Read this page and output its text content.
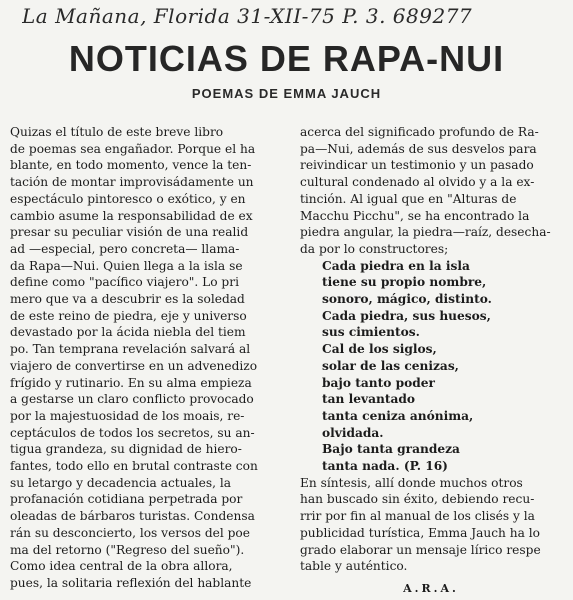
La Mañana, Florida 31-XII-75 P. 3. 689277
NOTICIAS DE RAPA-NUI
POEMAS DE EMMA JAUCH
Quizas el título de este breve libro
de poemas sea engañador. Porque el ha
blante, en todo momento, vence la ten-
tación de montar improvisádamente un
espectáculo pintoresco o exótico, y en
cambio asume la responsabilidad de ex
presar su peculiar visión de una realid
ad —especial, pero concreta— llama-
da Rapa—Nui. Quien llega a la isla se
define como "pacífico viajero". Lo pri
mero que va a descubrir es la soledad
de este reino de piedra, eje y universo
devastado por la ácida niebla del tiem
po. Tan temprana revelación salvará al
viajero de convertirse en un advenedizo
frígido y rutinario. En su alma empieza
a gestarse un claro conflicto provocado
por la majestuosidad de los moais, re-
ceptáculos de todos los secretos, su an-
tigua grandeza, su dignidad de hiero-
fantes, todo ello en brutal contraste con
su letargo y decadencia actuales, la
profanación cotidiana perpetrada por
oleadas de bárbaros turistas. Condensa
rán su desconcierto, los versos del poe
ma del retorno ("Regreso del sueño").
Como idea central de la obra allora,
pues, la solitaria reflexión del hablante
acerca del significado profundo de Ra-
pa—Nui, además de sus desvelos para
reivindicar un testimonio y un pasado
cultural condenado al olvido y a la ex-
tinción. Al igual que en "Alturas de
Macchu Picchu", se ha encontrado la
piedra angular, la piedra—raíz, desecha-
da por lo constructores;
Cada piedra en la isla
tiene su propio nombre,
sonoro, mágico, distinto.
Cada piedra, sus huesos,
sus cimientos.
Cal de los siglos,
solar de las cenizas,
bajo tanto poder
tan levantado
tanta ceniza anónima,
olvidada.
Bajo tanta grandeza
tanta nada. (P. 16)
En síntesis, allí donde muchos otros
han buscado sin éxito, debiendo recu-
rrir por fin al manual de los clisés y la
publicidad turística, Emma Jauch ha lo
grado elaborar un mensaje lírico respe
table y auténtico.
A.R.A.
